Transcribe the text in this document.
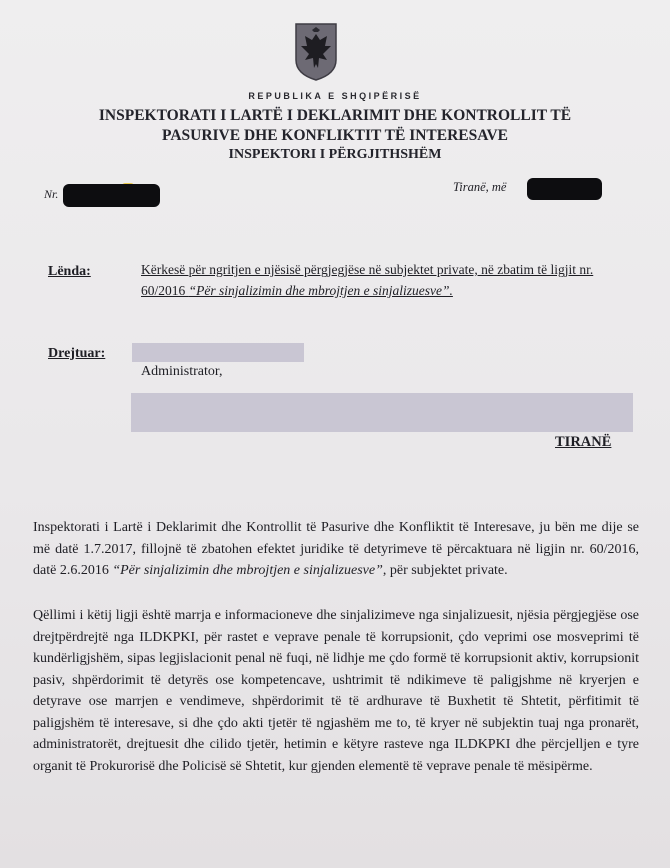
REPUBLIKA E SHQIPËRISË
INSPEKTORATI I LARTË I DEKLARIMIT DHE KONTROLLIT TË
PASURIVE DHE KONFLIKTIT TË INTERESAVE
INSPEKTORI I PËRGJITHSHËM
Nr.	Tiranë, më
Lënda:	Kërkesë për ngritjen e njësisë përgjegjëse në subjektet private, në zbatim të ligjit nr. 60/2016 “Për sinjalizimin dhe mbrojtjen e sinjalizuesve”.
Drejtuar:
Administrator,
TIRANË

Inspektorati i Lartë i Deklarimit dhe Kontrollit të Pasurive dhe Konfliktit të Interesave, ju bën me dije se më datë 1.7.2017, fillojnë të zbatohen efektet juridike të detyrimeve të përcaktuara në ligjin nr. 60/2016, datë 2.6.2016 “Për sinjalizimin dhe mbrojtjen e sinjalizuesve”, për subjektet private.

Qëllimi i këtij ligji është marrja e informacioneve dhe sinjalizimeve nga sinjalizuesit, njësia përgjegjëse ose drejtpërdrejtë nga ILDKPKI, për rastet e veprave penale të korrupsionit, çdo veprimi ose mosveprimi të kundërligjshëm, sipas legjislacionit penal në fuqi, në lidhje me çdo formë të korrupsionit aktiv, korrupsionit pasiv, shpërdorimit të detyrës ose kompetencave, ushtrimit të ndikimeve të paligjshme në kryerjen e detyrave ose marrjen e vendimeve, shpërdorimit të të ardhurave të Buxhetit të Shtetit, përfitimit të paligjshëm të interesave, si dhe çdo akti tjetër të ngjashëm me to, të kryer në subjektin tuaj nga pronarët, administratorët, drejtuesit dhe cilido tjetër, hetimin e këtyre rasteve nga ILDKPKI dhe përcjelljen e tyre organit të Prokurorisë dhe Policisë së Shtetit, kur gjenden elementë të veprave penale të mësipërme.
